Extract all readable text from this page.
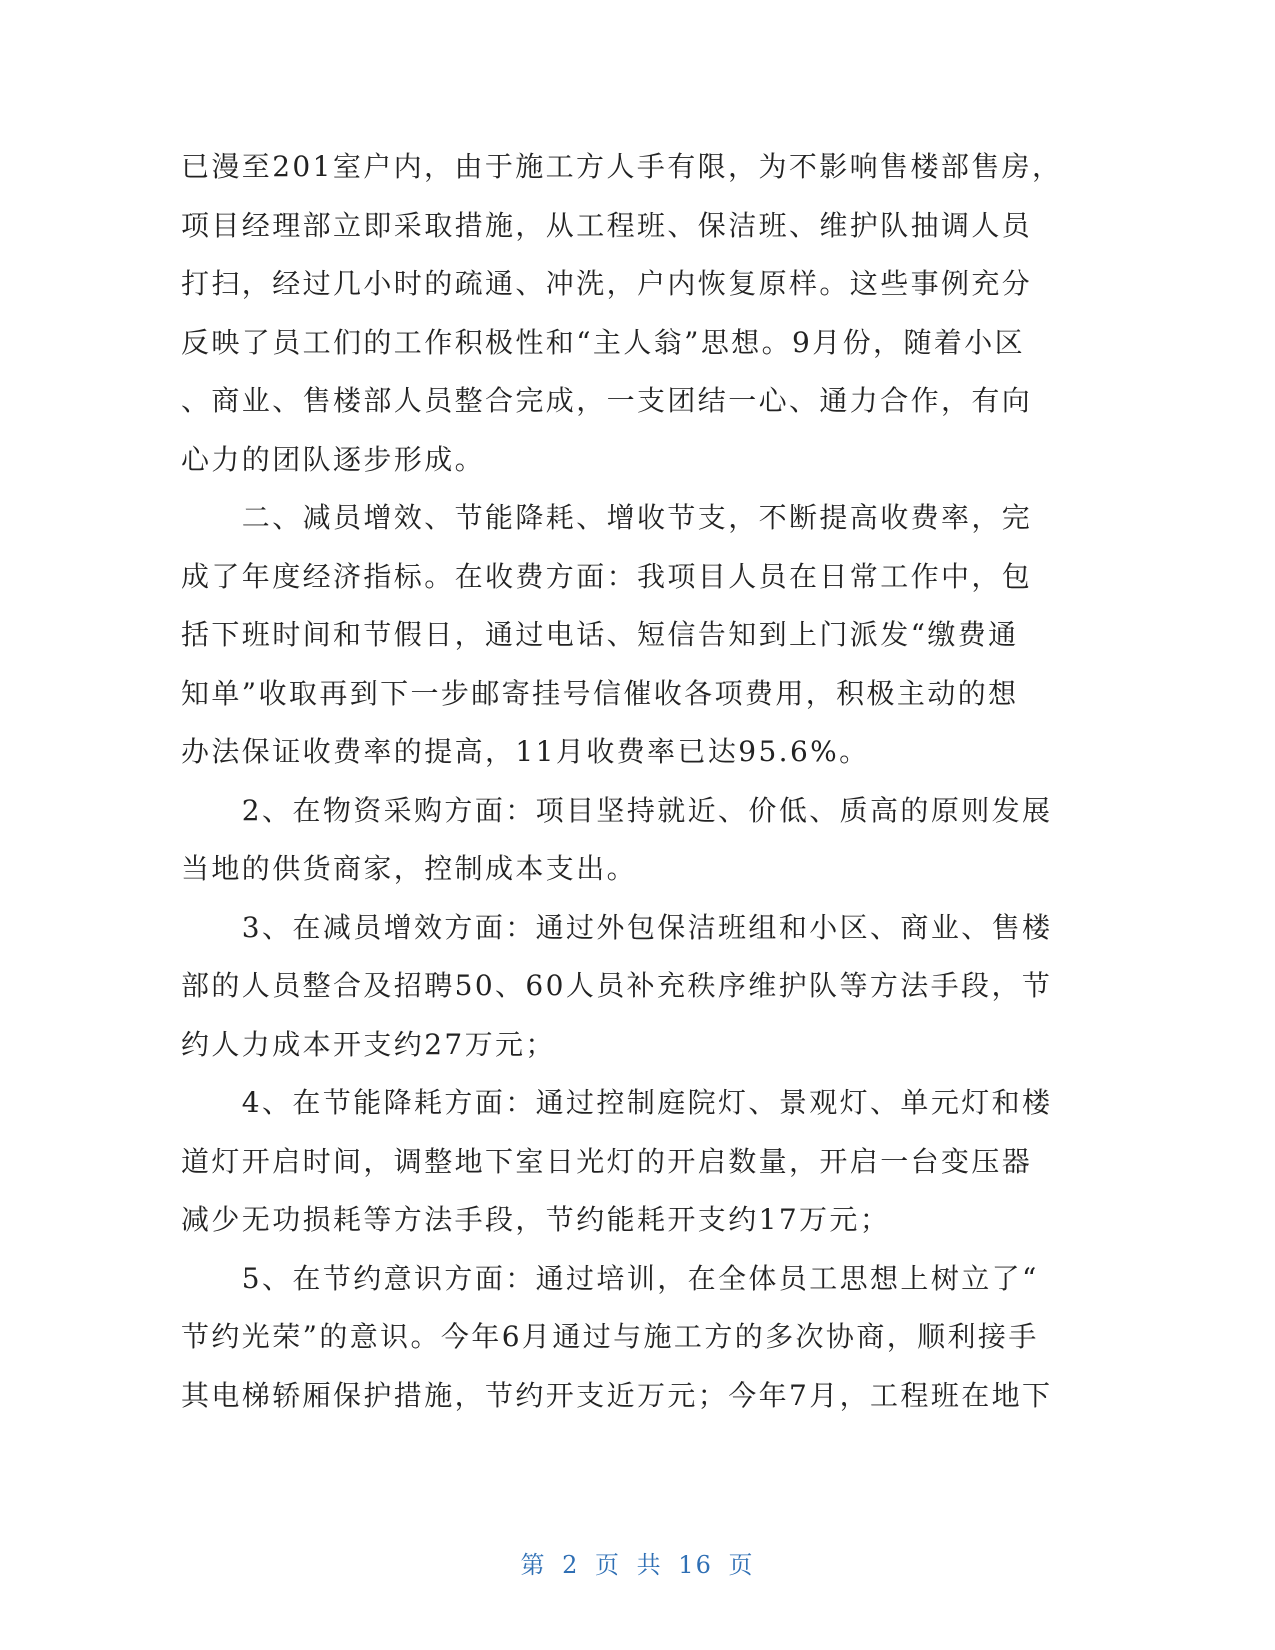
已漫至201室户内，由于施工方人手有限，为不影响售楼部售房，
项目经理部立即采取措施，从工程班、保洁班、维护队抽调人员
打扫，经过几小时的疏通、冲洗，户内恢复原样。这些事例充分
反映了员工们的工作积极性和“主人翁”思想。9月份，随着小区
、商业、售楼部人员整合完成，一支团结一心、通力合作，有向
心力的团队逐步形成。
　　二、减员增效、节能降耗、增收节支，不断提高收费率，完
成了年度经济指标。在收费方面：我项目人员在日常工作中，包
括下班时间和节假日，通过电话、短信告知到上门派发“缴费通
知单”收取再到下一步邮寄挂号信催收各项费用，积极主动的想
办法保证收费率的提高，11月收费率已达95.6%。
　　2、在物资采购方面：项目坚持就近、价低、质高的原则发展
当地的供货商家，控制成本支出。
　　3、在减员增效方面：通过外包保洁班组和小区、商业、售楼
部的人员整合及招聘50、60人员补充秩序维护队等方法手段，节
约人力成本开支约27万元；
　　4、在节能降耗方面：通过控制庭院灯、景观灯、单元灯和楼
道灯开启时间，调整地下室日光灯的开启数量，开启一台变压器
减少无功损耗等方法手段，节约能耗开支约17万元；
　　5、在节约意识方面：通过培训，在全体员工思想上树立了“
节约光荣”的意识。今年6月通过与施工方的多次协商，顺利接手
其电梯轿厢保护措施，节约开支近万元；今年7月，工程班在地下
第 2 页 共 16 页
